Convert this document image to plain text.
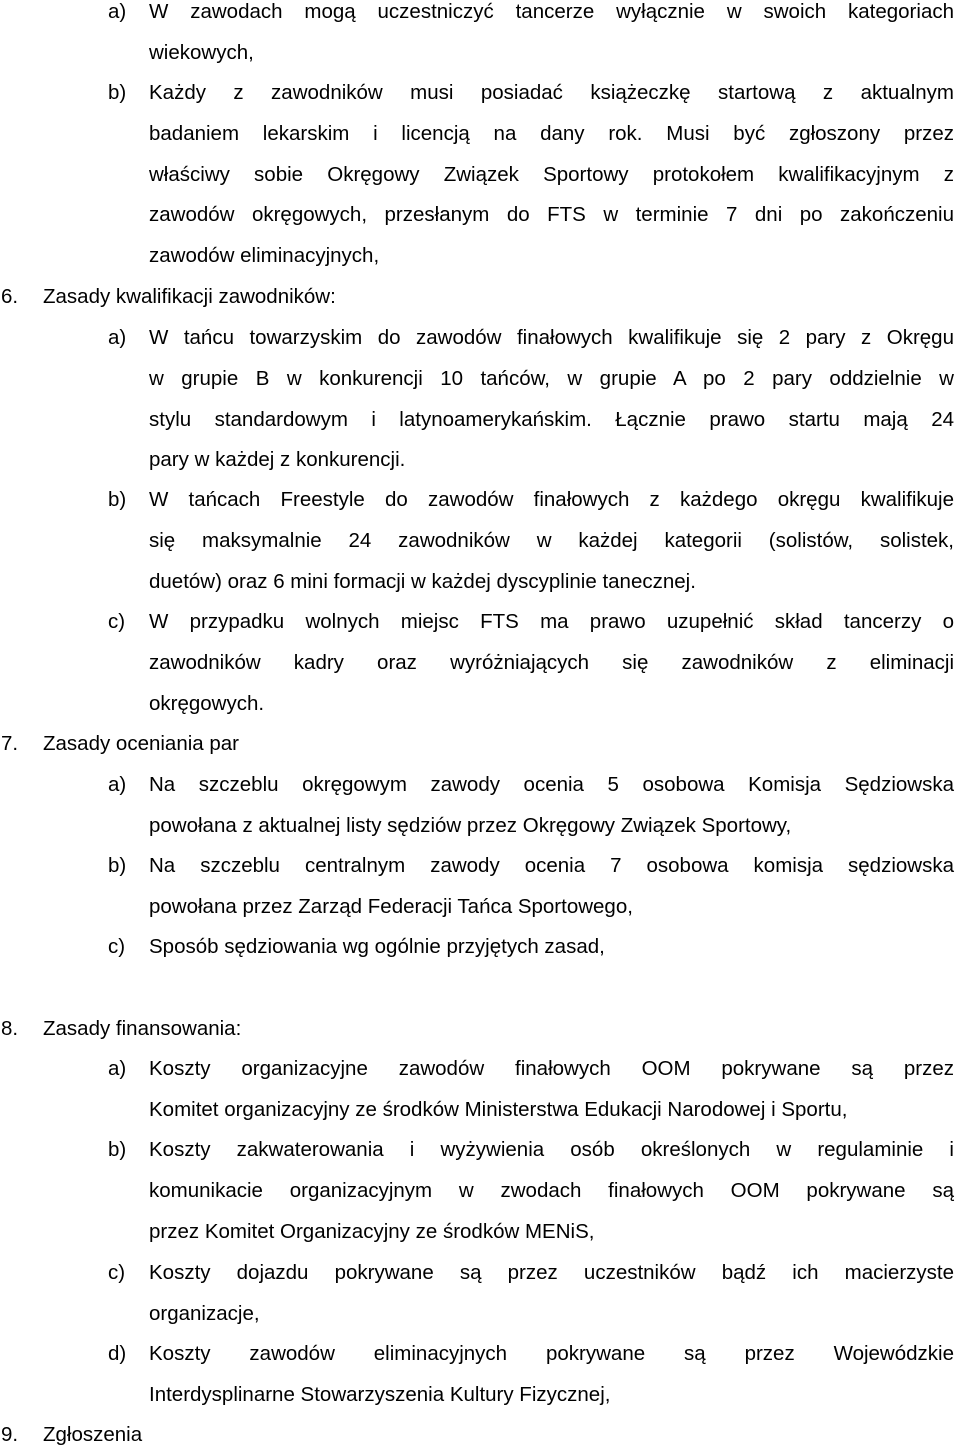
a) W zawodach mogą uczestniczyć tancerze wyłącznie w swoich kategoriach
wiekowych,
b) Każdy z zawodników musi posiadać książeczkę startową z aktualnym
badaniem lekarskim i licencją na dany rok. Musi być zgłoszony przez
właściwy sobie Okręgowy Związek Sportowy protokołem kwalifikacyjnym z
zawodów okręgowych, przesłanym do FTS w terminie 7 dni po zakończeniu
zawodów eliminacyjnych,
6. Zasady kwalifikacji zawodników:
a) W tańcu towarzyskim do zawodów finałowych kwalifikuje się 2 pary z Okręgu
w grupie B w konkurencji 10 tańców, w grupie A po 2 pary oddzielnie w
stylu standardowym i latynoamerykańskim. Łącznie prawo startu mają 24
pary w każdej z konkurencji.
b) W tańcach Freestyle do zawodów finałowych z każdego okręgu kwalifikuje
się maksymalnie 24 zawodników w każdej kategorii (solistów, solistek,
duetów) oraz 6 mini formacji w każdej dyscyplinie tanecznej.
c) W przypadku wolnych miejsc FTS ma prawo uzupełnić skład tancerzy o
zawodników kadry oraz wyróżniających się zawodników z eliminacji
okręgowych.
7. Zasady oceniania par
a) Na szczeblu okręgowym zawody ocenia 5 osobowa Komisja Sędziowska
powołana z aktualnej listy sędziów przez Okręgowy Związek Sportowy,
b) Na szczeblu centralnym zawody ocenia 7 osobowa komisja sędziowska
powołana przez Zarząd Federacji Tańca Sportowego,
c) Sposób sędziowania wg ogólnie przyjętych zasad,
8. Zasady finansowania:
a) Koszty organizacyjne zawodów finałowych OOM pokrywane są przez
Komitet organizacyjny ze środków Ministerstwa Edukacji Narodowej i Sportu,
b) Koszty zakwaterowania i wyżywienia osób określonych w regulaminie i
komunikacie organizacyjnym w zwodach finałowych OOM pokrywane są
przez Komitet Organizacyjny ze środków MENiS,
c) Koszty dojazdu pokrywane są przez uczestników bądź ich macierzyste
organizacje,
d) Koszty zawodów eliminacyjnych pokrywane są przez Wojewódzkie
Interdysplinarne Stowarzyszenia Kultury Fizycznej,
9. Zgłoszenia
